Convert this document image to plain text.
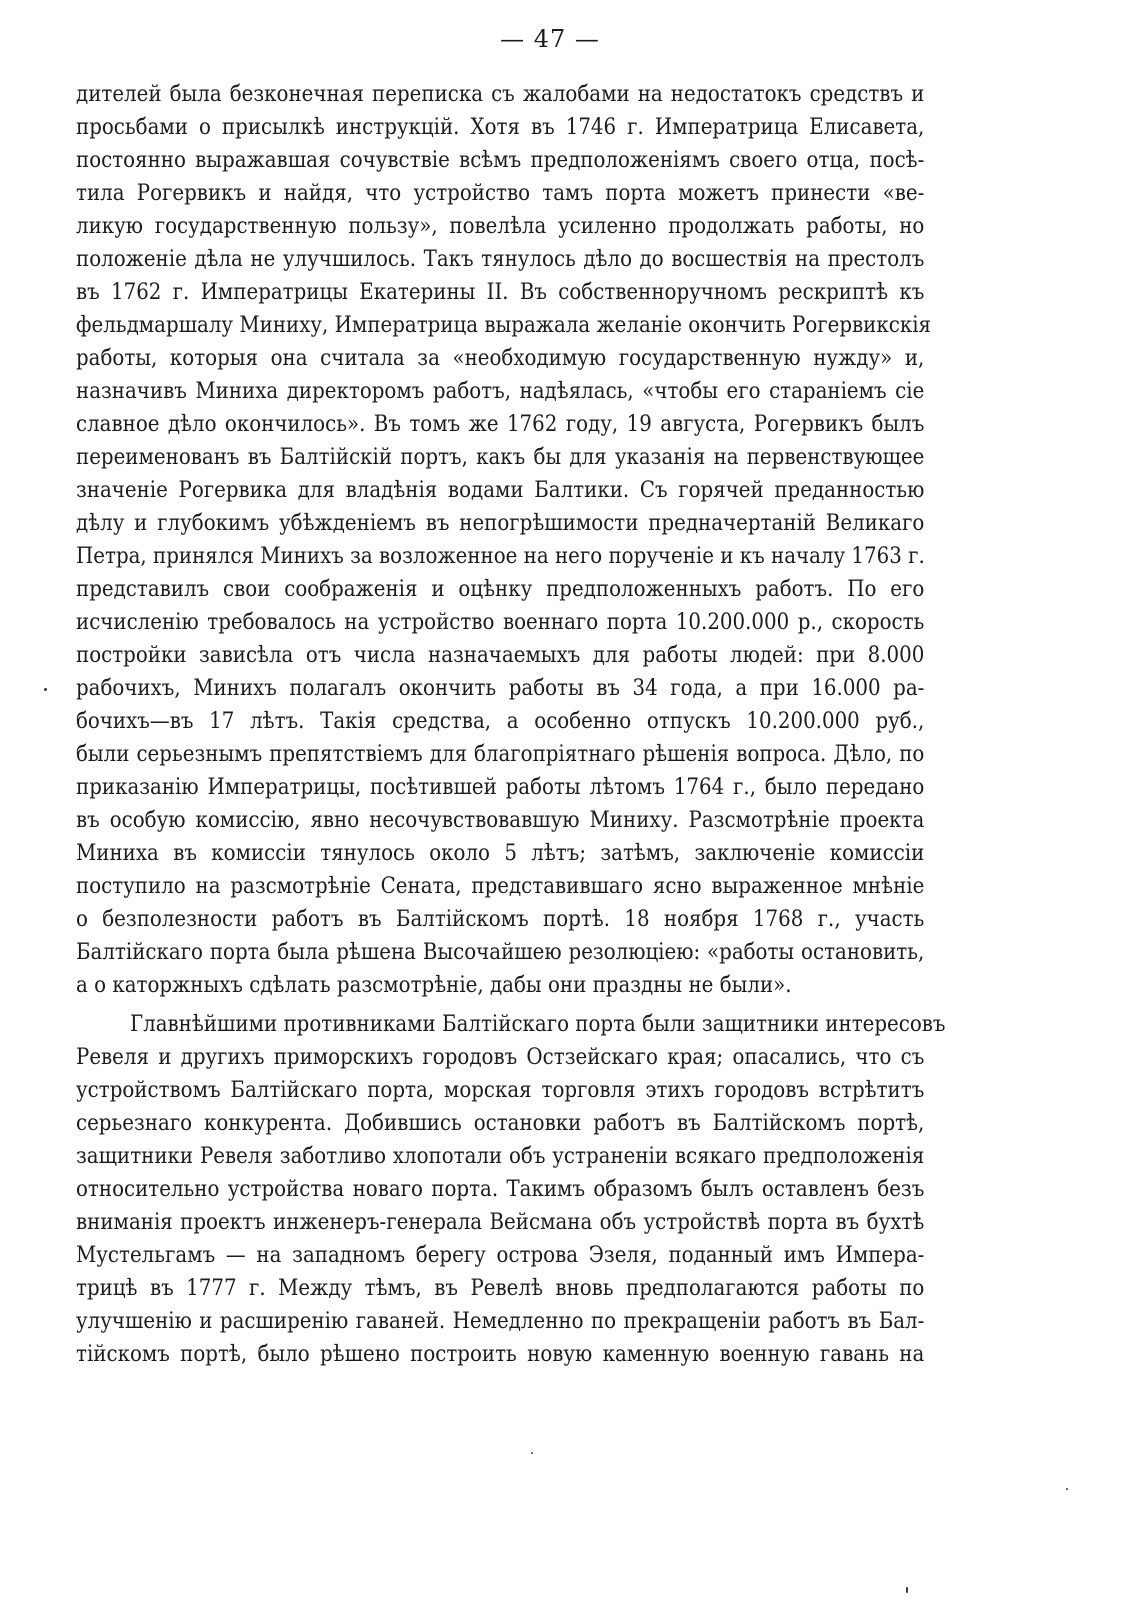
— 47 —
дителей была безконечная переписка съ жалобами на недостатокъ средствъ и
просьбами о присылкѣ инструкцій. Хотя въ 1746 г. Императрица Елисавета,
постоянно выражавшая сочувствіе всѣмъ предположеніямъ своего отца, посѣ-
тила Рогервикъ и найдя, что устройство тамъ порта можетъ принести «ве-
ликую государственную пользу», повелѣла усиленно продолжать работы, но
положеніе дѣла не улучшилось. Такъ тянулось дѣло до восшествія на престолъ
въ 1762 г. Императрицы Екатерины II. Въ собственноручномъ рескриптѣ къ
фельдмаршалу Миниху, Императрица выражала желаніе окончить Рогервикскія
работы, которыя она считала за «необходимую государственную нужду» и,
назначивъ Миниха директоромъ работъ, надѣялась, «чтобы его стараніемъ сіе
славное дѣло окончилось». Въ томъ же 1762 году, 19 августа, Рогервикъ былъ
переименованъ въ Балтійскій портъ, какъ бы для указанія на первенствующее
значеніе Рогервика для владѣнія водами Балтики. Съ горячей преданностью
дѣлу и глубокимъ убѣжденіемъ въ непогрѣшимости предначертаній Великаго
Петра, принялся Минихъ за возложенное на него порученіе и къ началу 1763 г.
представилъ свои соображенія и оцѣнку предположенныхъ работъ. По его
исчисленію требовалось на устройство военнаго порта 10.200.000 р., скорость
постройки зависѣла отъ числа назначаемыхъ для работы людей: при 8.000
рабочихъ, Минихъ полагалъ окончить работы въ 34 года, а при 16.000 ра-
бочихъ—въ 17 лѣтъ. Такія средства, а особенно отпускъ 10.200.000 руб.,
были серьезнымъ препятствіемъ для благопріятнаго рѣшенія вопроса. Дѣло, по
приказанію Императрицы, посѣтившей работы лѣтомъ 1764 г., было передано
въ особую комиссію, явно несочувствовавшую Миниху. Разсмотрѣніе проекта
Миниха въ комиссіи тянулось около 5 лѣтъ; затѣмъ, заключеніе комиссіи
поступило на разсмотрѣніе Сената, представившаго ясно выраженное мнѣніе
о безполезности работъ въ Балтійскомъ портѣ. 18 ноября 1768 г., участь
Балтійскаго порта была рѣшена Высочайшею резолюціею: «работы остановить,
а о каторжныхъ сдѣлать разсмотрѣніе, дабы они праздны не были».
Главнѣйшими противниками Балтійскаго порта были защитники интересовъ
Ревеля и другихъ приморскихъ городовъ Остзейскаго края; опасались, что съ
устройствомъ Балтійскаго порта, морская торговля этихъ городовъ встрѣтитъ
серьезнаго конкурента. Добившись остановки работъ въ Балтійскомъ портѣ,
защитники Ревеля заботливо хлопотали объ устраненіи всякаго предположенія
относительно устройства новаго порта. Такимъ образомъ былъ оставленъ безъ
вниманія проектъ инженеръ-генерала Вейсмана объ устройствѣ порта въ бухтѣ
Мустельгамъ — на западномъ берегу острова Эзеля, поданный имъ Импера-
трицѣ въ 1777 г. Между тѣмъ, въ Ревелѣ вновь предполагаются работы по
улучшенію и расширенію гаваней. Немедленно по прекращеніи работъ въ Бал-
тійскомъ портѣ, было рѣшено построить новую каменную военную гавань на
